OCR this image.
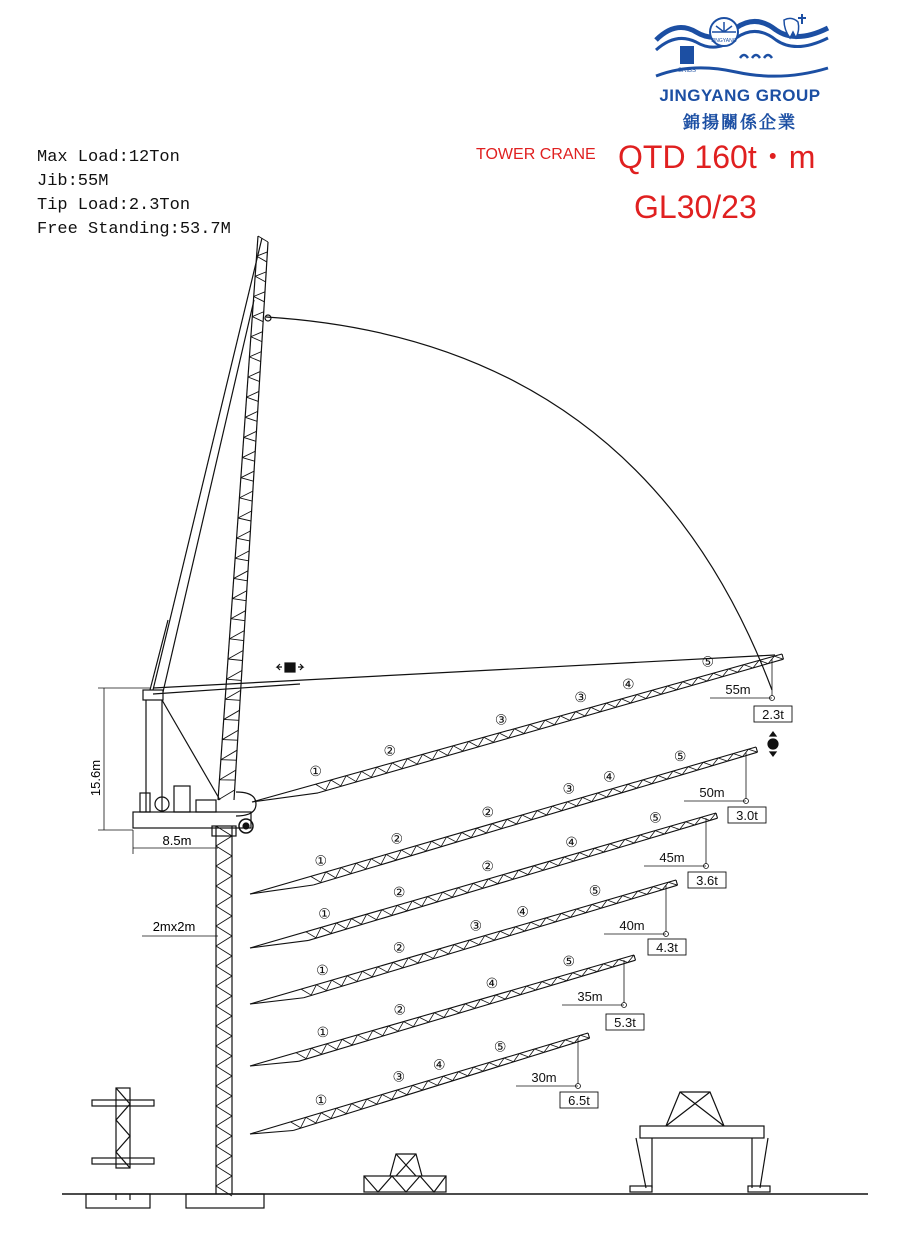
JINGYANG
SRIBS
JINGYANG GROUP
錦揚關係企業
Max Load:12Ton
Jib:55M
Tip Load:2.3Ton
Free Standing:53.7M
TOWER CRANE QTD 160t・m
GL30/23
①
②
③
③
④
⑤
55m
2.3t
①
②
②
③
④
⑤
50m
3.0t
①
②
②
④
⑤
45m
3.6t
①
②
③
④
⑤
40m
4.3t
①
②
④
⑤
35m
5.3t
①
③
④
⑤
30m
6.5t
15.6m
8.5m
2mx2m
